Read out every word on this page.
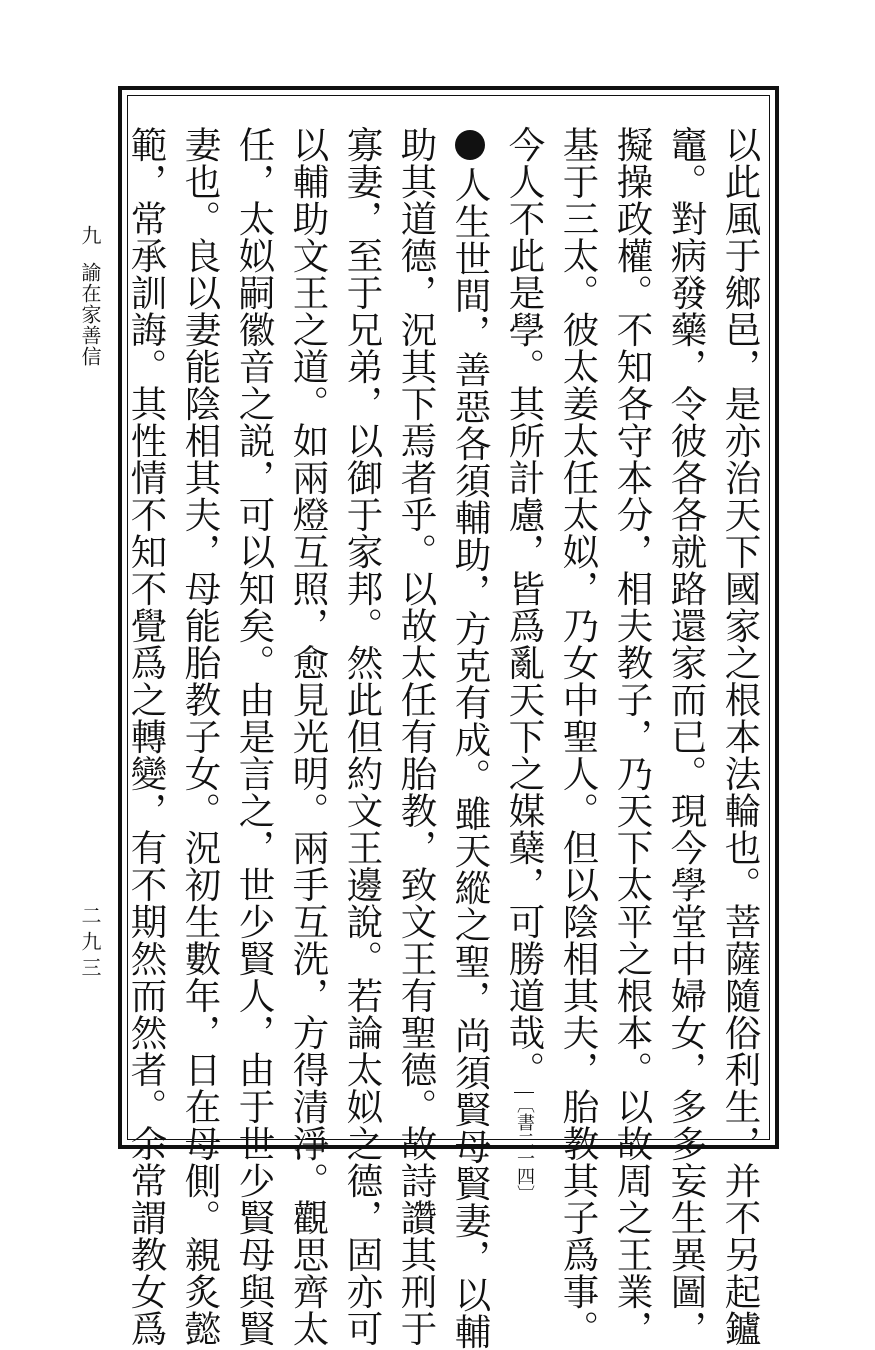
九諭在家善信
二九三	以此風于鄉邑，是亦治天下國家之根本法輪也。菩薩隨俗利生，并不另起鑪
竈。對病發藥，令彼各各就路還家而已。現今學堂中婦女，多多妄生異圖，
擬操政權。不知各守本分，相夫教子，乃天下太平之根本。以故周之王業，
基于三太。彼太姜太任太姒，乃女中聖人。但以陰相其夫，胎教其子爲事。
今人不此是學。其所計慮，皆爲亂天下之媒蘖，可勝道哉。〔書二一四〕
人生世間，善惡各須輔助，方克有成。雖天縱之聖，尚須賢母賢妻，以輔
助其道德，況其下焉者乎。以故太任有胎教，致文王有聖德。故詩讚其刑于
寡妻，至于兄弟，以御于家邦。然此但約文王邊說。若論太姒之德，固亦可
以輔助文王之道。如兩燈互照，愈見光明。兩手互洗，方得清淨。觀思齊太
任，太姒嗣徽音之説，可以知矣。由是言之，世少賢人，由于世少賢母與賢
妻也。良以妻能陰相其夫，母能胎教子女。況初生數年，日在母側。親炙懿
範，常承訓誨。其性情不知不覺爲之轉變，有不期然而然者。余常謂教女爲
